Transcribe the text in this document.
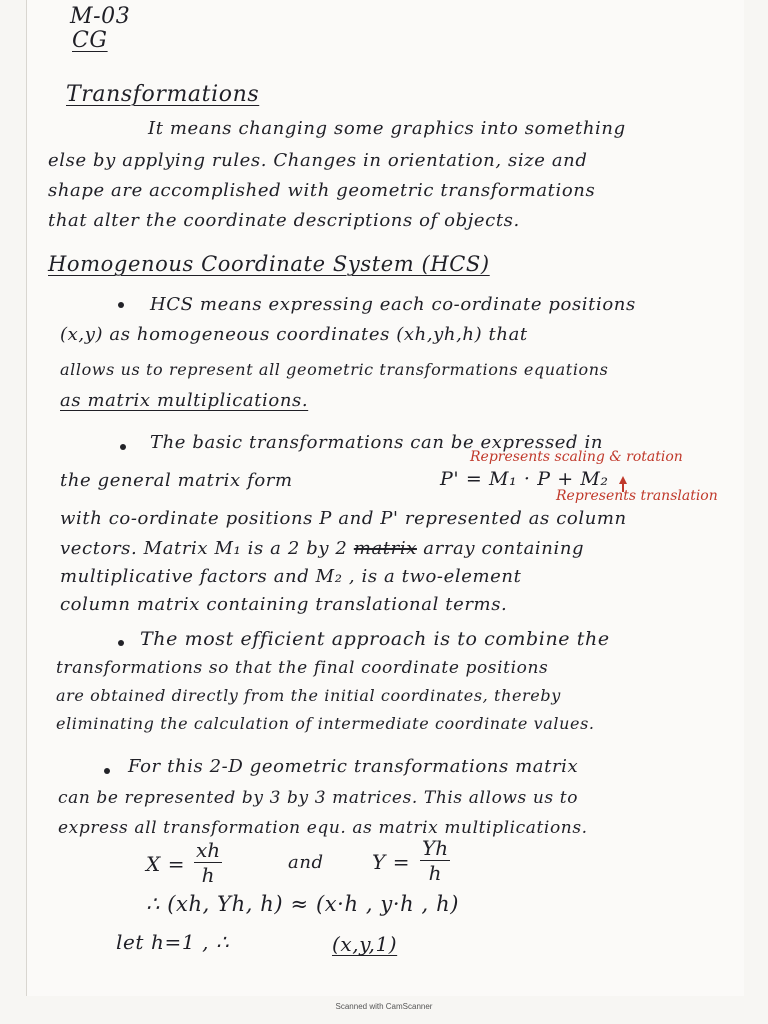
M-03
CG
Transformations
It means changing some graphics into something
else by applying rules. Changes in orientation, size and
shape are accomplished with geometric transformations
that alter the coordinate descriptions of objects.
Homogenous Coordinate System (HCS)
HCS means expressing each co-ordinate positions
(x,y) as homogeneous coordinates (xh,yh,h) that
allows us to represent all geometric transformations equations
as matrix multiplications.
The basic transformations can be expressed in
Represents scaling & rotation
the general matrix form	P' = M₁ · P + M₂
Represents translation
with co-ordinate positions P and P' represented as column
vectors. Matrix M₁ is a 2 by 2 matrix array containing
multiplicative factors and M₂ , is a two-element
column matrix containing translational terms.
The most efficient approach is to combine the
transformations so that the final coordinate positions
are obtained directly from the initial coordinates, thereby
eliminating the calculation of intermediate coordinate values.
For this 2-D geometric transformations matrix
can be represented by 3 by 3 matrices. This allows us to
express all transformation equ. as matrix multiplications.
$X = \frac{xh}{h}$	and $Y = \frac{Yh}{h}$
∴ (xh, Yh, h) ≈ (x·h , y·h , h)
let h=1 , ∴	(x,y,1)
Scanned with CamScanner
